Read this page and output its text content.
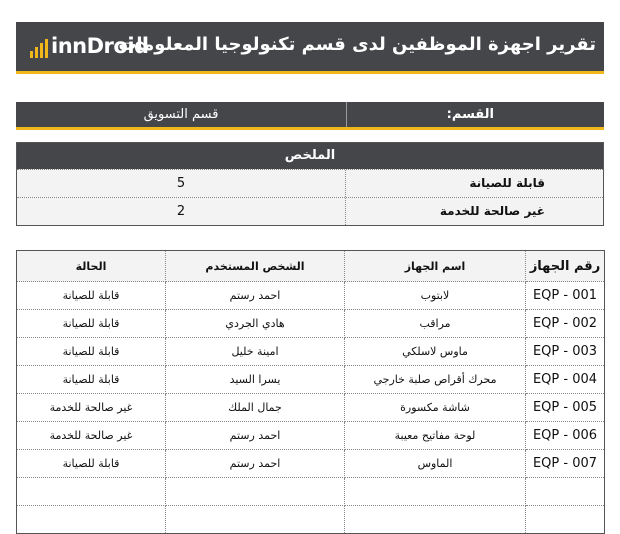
innDroid
تقرير اجهزة الموظفين لدى قسم تكنولوجيا المعلومات
القسم:
قسم التسويق
الملخص
5	قابلة للصيانة
2	غير صالحة للخدمة
الحالة	الشخص المستخدم	اسم الجهاز	رقم الجهاز
قابلة للصيانة	احمد رستم	لابتوب	EQP - 001
قابلة للصيانة	هادي الجردي	مراقب	EQP - 002
قابلة للصيانة	امينة خليل	ماوس لاسلكي	EQP - 003
قابلة للصيانة	يسرا السيد	محرك أقراص صلبة خارجي	EQP - 004
غير صالحة للخدمة	جمال الملك	شاشة مكسورة	EQP - 005
غير صالحة للخدمة	احمد رستم	لوحة مفاتيح معيبة	EQP - 006
قابلة للصيانة	احمد رستم	الماوس	EQP - 007
